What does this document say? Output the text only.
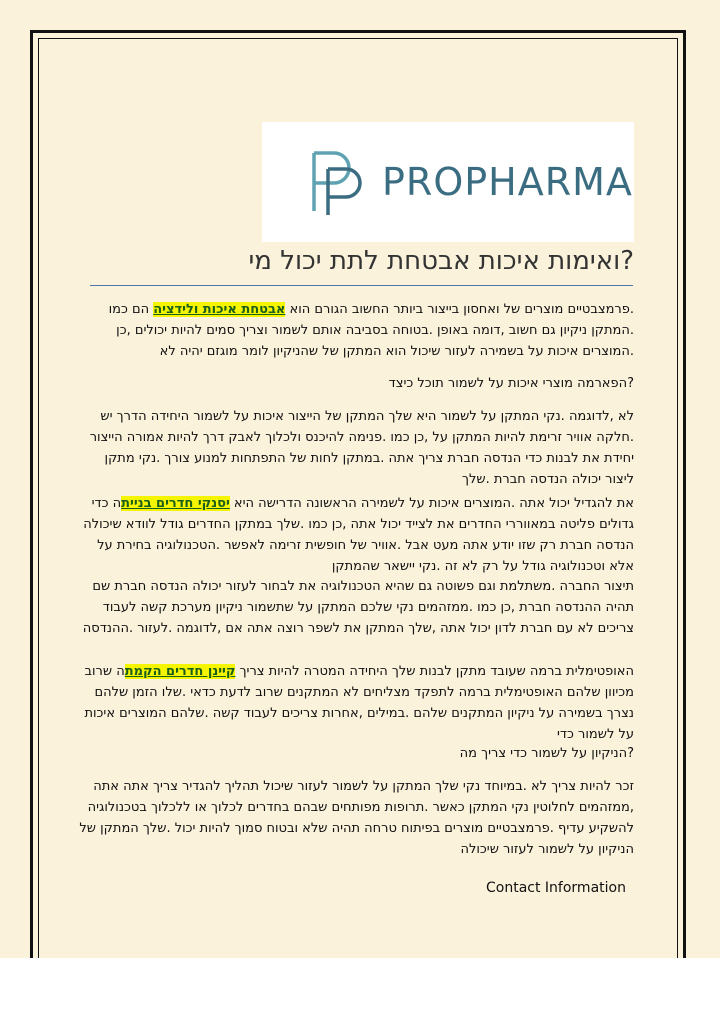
PROPHARMA
?ואימות איכות אבטחת לתת יכול מי
.פרמצבטיים מוצרים של ואחסון בייצור ביותר החשוב הגורם הוא אבטחת איכות ולידציה הם כמו .המתקן ניקיון גם חשוב ,דומה באופן .בטוחה בסביבה אותם לשמור וצריך סמים להיות יכולים ,כן .המוצרים איכות על בשמירה לעזור שיכול הוא המתקן של שהניקיון לומר מוגזם יהיה לא
?הפארמה מוצרי איכות על לשמור תוכל כיצד
לא ,לדוגמה .נקי המתקן על לשמור היא שלך המתקן של הייצור איכות על לשמור היחידה הדרך יש .חלקה אוויר זרימת להיות המתקן על ,כן כמו .פנימה להיכנס ולכלוך לאבק דרך להיות אמורה הייצור יחידת את לבנות כדי הנדסה חברת צריך אתה .במתקן לחות של התפתחות למנוע צורך .נקי מתקן ליצור יכולה הנדסה חברת .שלך
את להגדיל יכול אתה .המוצרים איכות על לשמירה הראשונה הדרישה היא יסנקי חדרים בנייתה כדי גדולים פליטה במאווררי החדרים את לצייד יכול אתה ,כן כמו .שלך במתקן החדרים גודל לוודא שיכולה הנדסה חברת רק שזו יודע אתה מעט אבל .אוויר של חופשית זרימה לאפשר .הטכנולוגיה בחירת על אלא וטכנולוגיה גודל על רק לא זה .נקי יישאר שהמתקן
תיצור החברה .משתלמת וגם פשוטה גם שהיא הטכנולוגיה את לבחור לעזור יכולה הנדסה חברת שם תהיה ההנדסה חברת ,כן כמו .ממזהמים נקי שלכם המתקן על שתשמור ניקיון מערכת קשה לעבוד צריכים לא עם חברת לדון יכול אתה ,שלך המתקן את לשפר רוצה אתה אם ,לדוגמה .לעזור .ההנדסה
האופטימלית ברמה שעובד מתקן לבנות שלך היחידה המטרה להיות צריך קיינן חדרים הקמתה שרוב מכיוון שלהם האופטימלית ברמה לתפקד מצליחים לא המתקנים שרוב לדעת כדאי .שלו הזמן שלהם נצרך בשמירה על ניקיון המתקנים שלהם .במילים ,אחרות צריכים לעבוד קשה .שלהם המוצרים איכות על לשמור כדי
?הניקיון על לשמור כדי צריך מה
זכר להיות צריך לא .במיוחד נקי שלך המתקן על לשמור לעזור שיכול תהליך להגדיר צריך אתה אתה ,ממזהמים לחלוטין נקי המתקן כאשר .תרופות מפותחים שבהם בחדרים לכלוך או ללכלוך בטכנולוגיה להשקיע עדיף .פרמצבטיים מוצרים בפיתוח טרחה תהיה שלא ובטוח סמוך להיות יכול .שלך המתקן של הניקיון על לשמור לעזור שיכולה
Contact Information
